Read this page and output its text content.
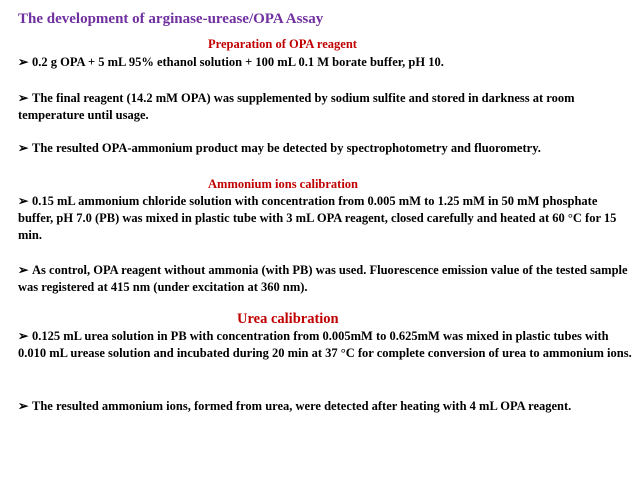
The development of arginase-urease/OPA Assay
Preparation of OPA reagent
➢ 0.2 g OPA + 5 mL 95% ethanol solution + 100 mL 0.1 M borate buffer, pH 10.
➢ The final reagent (14.2 mM OPA) was supplemented by sodium sulfite and stored in darkness at room temperature until usage.
➢ The resulted OPA-ammonium product may be detected by spectrophotometry and fluorometry.
Ammonium ions calibration
➢ 0.15 mL ammonium chloride solution with concentration from 0.005 mM to 1.25 mM in 50 mM phosphate buffer, pH 7.0 (PB) was mixed in plastic tube with 3 mL OPA reagent, closed carefully and heated at 60 °C for 15 min.
➢ As control, OPA reagent without ammonia (with PB) was used. Fluorescence emission value of the tested sample was registered at 415 nm (under excitation at 360 nm).
Urea calibration
➢ 0.125 mL urea solution in PB with concentration from 0.005mM to 0.625mM was mixed in plastic tubes with 0.010 mL urease solution and incubated during 20 min at 37 °C for complete conversion of urea to ammonium ions.
➢ The resulted ammonium ions, formed from urea, were detected after heating with 4 mL OPA reagent.
